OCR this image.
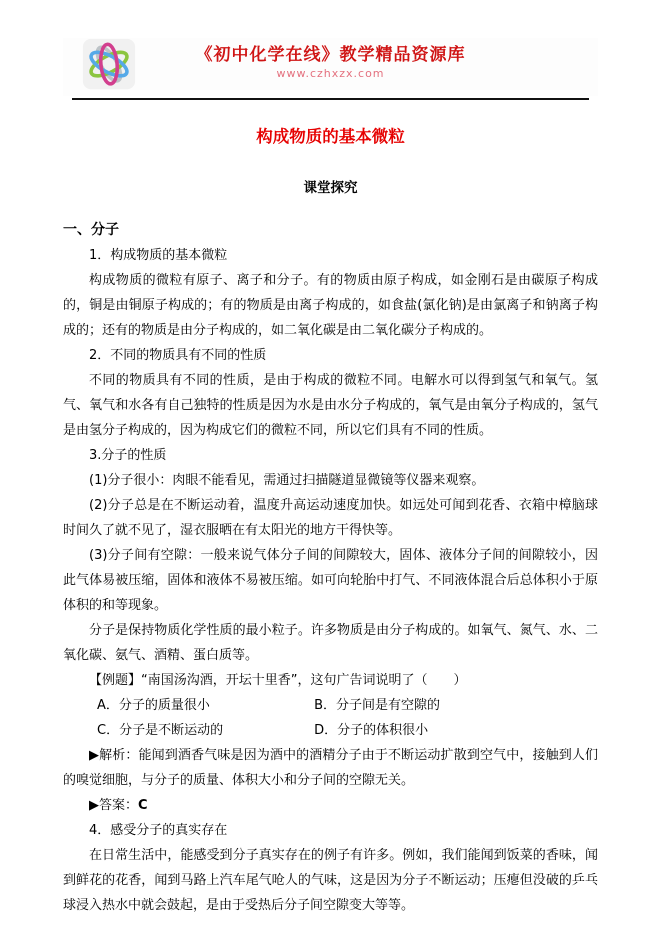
《初中化学在线》教学精品资源库
www.czhxzx.com
构成物质的基本微粒
课堂探究
一、分子

1．构成物质的基本微粒

构成物质的微粒有原子、离子和分子。有的物质由原子构成，如金刚石是由碳原子构成的，铜是由铜原子构成的；有的物质是由离子构成的，如食盐(氯化钠)是由氯离子和钠离子构成的；还有的物质是由分子构成的，如二氧化碳是由二氧化碳分子构成的。

2．不同的物质具有不同的性质

不同的物质具有不同的性质，是由于构成的微粒不同。电解水可以得到氢气和氧气。氢气、氧气和水各有自己独特的性质是因为水是由水分子构成的，氧气是由氧分子构成的，氢气是由氢分子构成的，因为构成它们的微粒不同，所以它们具有不同的性质。

3.分子的性质

(1)分子很小：肉眼不能看见，需通过扫描隧道显微镜等仪器来观察。

(2)分子总是在不断运动着，温度升高运动速度加快。如远处可闻到花香、衣箱中樟脑球时间久了就不见了，湿衣服晒在有太阳光的地方干得快等。

(3)分子间有空隙：一般来说气体分子间的间隙较大，固体、液体分子间的间隙较小，因此气体易被压缩，固体和液体不易被压缩。如可向轮胎中打气、不同液体混合后总体积小于原体积的和等现象。

分子是保持物质化学性质的最小粒子。许多物质是由分子构成的。如氧气、氮气、水、二氧化碳、氨气、酒精、蛋白质等。

【例题】“南国汤沟酒，开坛十里香”，这句广告词说明了（　　）

A．分子的质量很小	B．分子间是有空隙的
C．分子是不断运动的	D．分子的体积很小

▶解析：能闻到酒香气味是因为酒中的酒精分子由于不断运动扩散到空气中，接触到人们的嗅觉细胞，与分子的质量、体积大小和分子间的空隙无关。

▶答案：C

4．感受分子的真实存在

在日常生活中，能感受到分子真实存在的例子有许多。例如，我们能闻到饭菜的香味，闻到鲜花的花香，闻到马路上汽车尾气呛人的气味，这是因为分子不断运动；压瘪但没破的乒乓球浸入热水中就会鼓起，是由于受热后分子间空隙变大等等。
